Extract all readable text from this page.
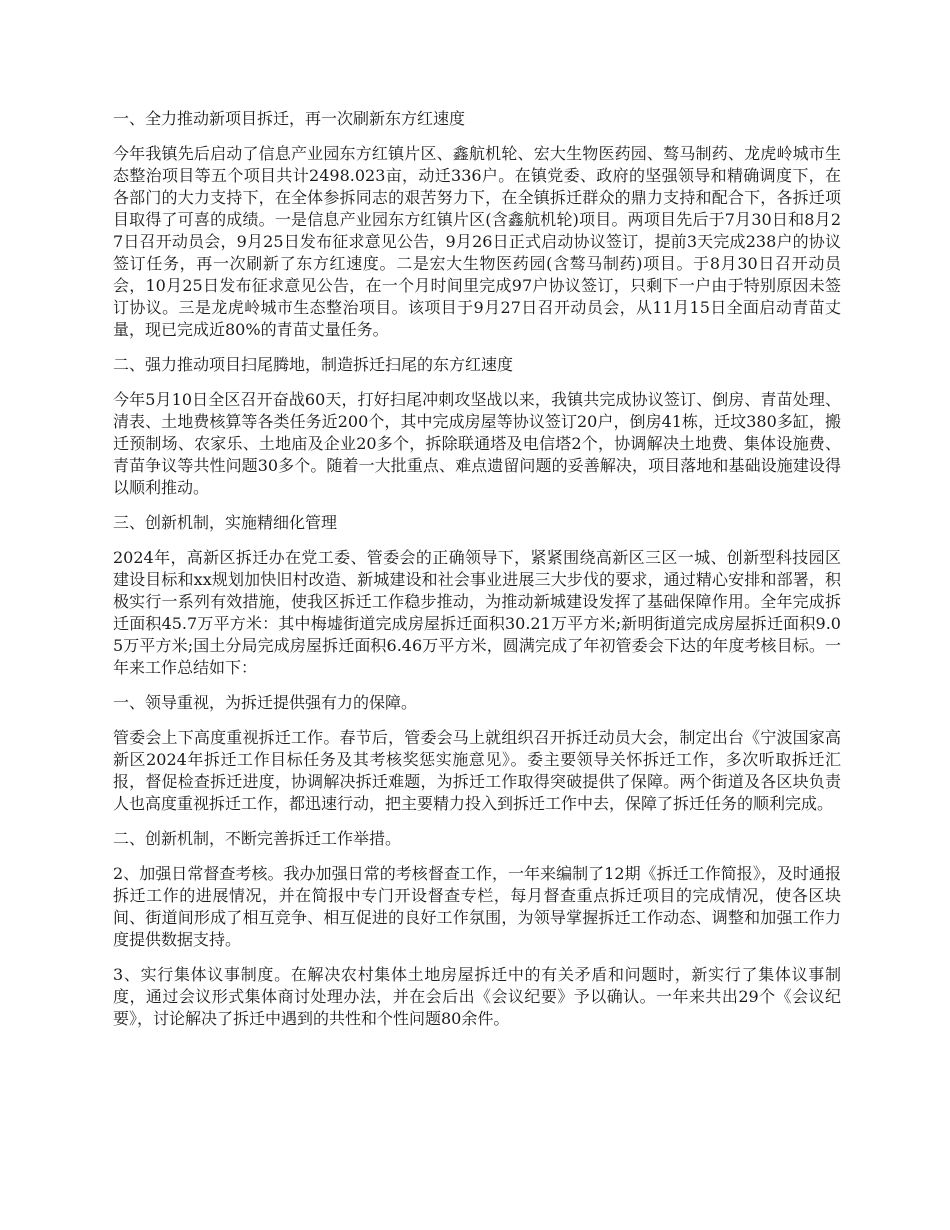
一、全力推动新项目拆迁，再一次刷新东方红速度

今年我镇先后启动了信息产业园东方红镇片区、鑫航机轮、宏大生物医药园、骜马制药、龙虎岭城市生态整治项目等五个项目共计2498.023亩，动迁336户。在镇党委、政府的坚强领导和精确调度下，在各部门的大力支持下，在全体参拆同志的艰苦努力下，在全镇拆迁群众的鼎力支持和配合下，各拆迁项目取得了可喜的成绩。一是信息产业园东方红镇片区(含鑫航机轮)项目。两项目先后于7月30日和8月27日召开动员会，9月25日发布征求意见公告，9月26日正式启动协议签订，提前3天完成238户的协议签订任务，再一次刷新了东方红速度。二是宏大生物医药园(含骜马制药)项目。于8月30日召开动员会，10月25日发布征求意见公告，在一个月时间里完成97户协议签订，只剩下一户由于特别原因未签订协议。三是龙虎岭城市生态整治项目。该项目于9月27日召开动员会，从11月15日全面启动青苗丈量，现已完成近80%的青苗丈量任务。

二、强力推动项目扫尾腾地，制造拆迁扫尾的东方红速度

今年5月10日全区召开奋战60天，打好扫尾冲刺攻坚战以来，我镇共完成协议签订、倒房、青苗处理、清表、土地费核算等各类任务近200个，其中完成房屋等协议签订20户，倒房41栋，迁坟380多缸，搬迁预制场、农家乐、土地庙及企业20多个，拆除联通塔及电信塔2个，协调解决土地费、集体设施费、青苗争议等共性问题30多个。随着一大批重点、难点遗留问题的妥善解决，项目落地和基础设施建设得以顺利推动。

三、创新机制，实施精细化管理

2024年，高新区拆迁办在党工委、管委会的正确领导下，紧紧围绕高新区三区一城、创新型科技园区建设目标和xx规划加快旧村改造、新城建设和社会事业进展三大步伐的要求，通过精心安排和部署，积极实行一系列有效措施，使我区拆迁工作稳步推动，为推动新城建设发挥了基础保障作用。全年完成拆迁面积45.7万平方米：其中梅墟街道完成房屋拆迁面积30.21万平方米;新明街道完成房屋拆迁面积9.05万平方米;国土分局完成房屋拆迁面积6.46万平方米，圆满完成了年初管委会下达的年度考核目标。一年来工作总结如下：

一、领导重视，为拆迁提供强有力的保障。

管委会上下高度重视拆迁工作。春节后，管委会马上就组织召开拆迁动员大会，制定出台《宁波国家高新区2024年拆迁工作目标任务及其考核奖惩实施意见》。委主要领导关怀拆迁工作，多次听取拆迁汇报，督促检查拆迁进度，协调解决拆迁难题，为拆迁工作取得突破提供了保障。两个街道及各区块负责人也高度重视拆迁工作，都迅速行动，把主要精力投入到拆迁工作中去，保障了拆迁任务的顺利完成。

二、创新机制，不断完善拆迁工作举措。

2、加强日常督查考核。我办加强日常的考核督查工作，一年来编制了12期《拆迁工作简报》，及时通报拆迁工作的进展情况，并在简报中专门开设督查专栏，每月督查重点拆迁项目的完成情况，使各区块间、街道间形成了相互竞争、相互促进的良好工作氛围，为领导掌握拆迁工作动态、调整和加强工作力度提供数据支持。

3、实行集体议事制度。在解决农村集体土地房屋拆迁中的有关矛盾和问题时，新实行了集体议事制度，通过会议形式集体商讨处理办法，并在会后出《会议纪要》予以确认。一年来共出29个《会议纪要》，讨论解决了拆迁中遇到的共性和个性问题80余件。
